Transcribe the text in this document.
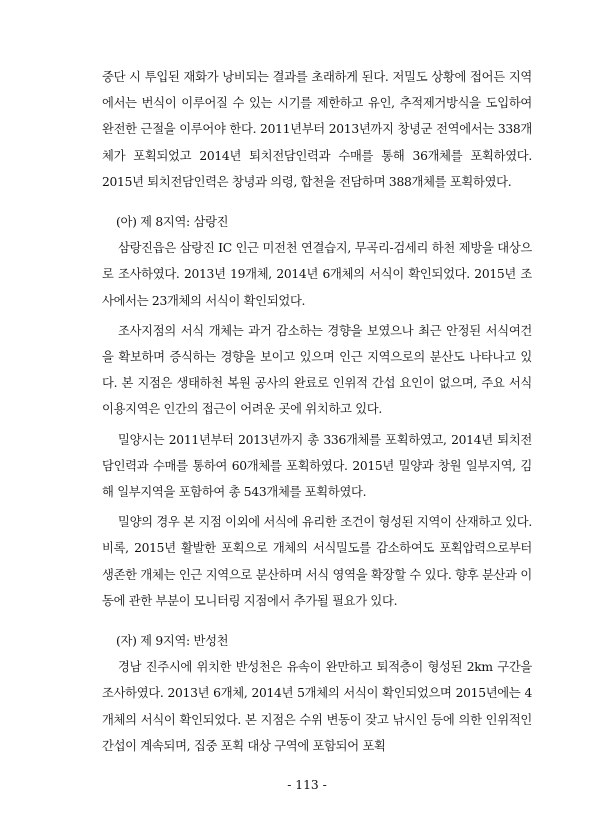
중단 시 투입된 재화가 낭비되는 결과를 초래하게 된다. 저밀도 상황에 접어든 지역에서는 번식이 이루어질 수 있는 시기를 제한하고 유인, 추적제거방식을 도입하여 완전한 근절을 이루어야 한다. 2011년부터 2013년까지 창녕군 전역에서는 338개체가 포획되었고 2014년 퇴치전담인력과 수매를 통해 36개체를 포획하였다. 2015년 퇴치전담인력은 창녕과 의령, 합천을 전담하며 388개체를 포획하였다.

(아) 제 8지역: 삼랑진

삼랑진읍은 삼랑진 IC 인근 미전천 연결습지, 무곡리-검세리 하천 제방을 대상으로 조사하였다. 2013년 19개체, 2014년 6개체의 서식이 확인되었다. 2015년 조사에서는 23개체의 서식이 확인되었다.

조사지점의 서식 개체는 과거 감소하는 경향을 보였으나 최근 안정된 서식여건을 확보하며 증식하는 경향을 보이고 있으며 인근 지역으로의 분산도 나타나고 있다. 본 지점은 생태하천 복원 공사의 완료로 인위적 간섭 요인이 없으며, 주요 서식 이용지역은 인간의 접근이 어려운 곳에 위치하고 있다.

밀양시는 2011년부터 2013년까지 총 336개체를 포획하였고, 2014년 퇴치전담인력과 수매를 통하여 60개체를 포획하였다. 2015년 밀양과 창원 일부지역, 김해 일부지역을 포함하여 총 543개체를 포획하였다.

밀양의 경우 본 지점 이외에 서식에 유리한 조건이 형성된 지역이 산재하고 있다. 비록, 2015년 활발한 포획으로 개체의 서식밀도를 감소하여도 포획압력으로부터 생존한 개체는 인근 지역으로 분산하며 서식 영역을 확장할 수 있다. 향후 분산과 이동에 관한 부분이 모니터링 지점에서 추가될 필요가 있다.

(자) 제 9지역: 반성천

경남 진주시에 위치한 반성천은 유속이 완만하고 퇴적층이 형성된 2km 구간을 조사하였다. 2013년 6개체, 2014년 5개체의 서식이 확인되었으며 2015년에는 4개체의 서식이 확인되었다. 본 지점은 수위 변동이 잦고 낚시인 등에 의한 인위적인 간섭이 계속되며, 집중 포획 대상 구역에 포함되어 포획

- 113 -
